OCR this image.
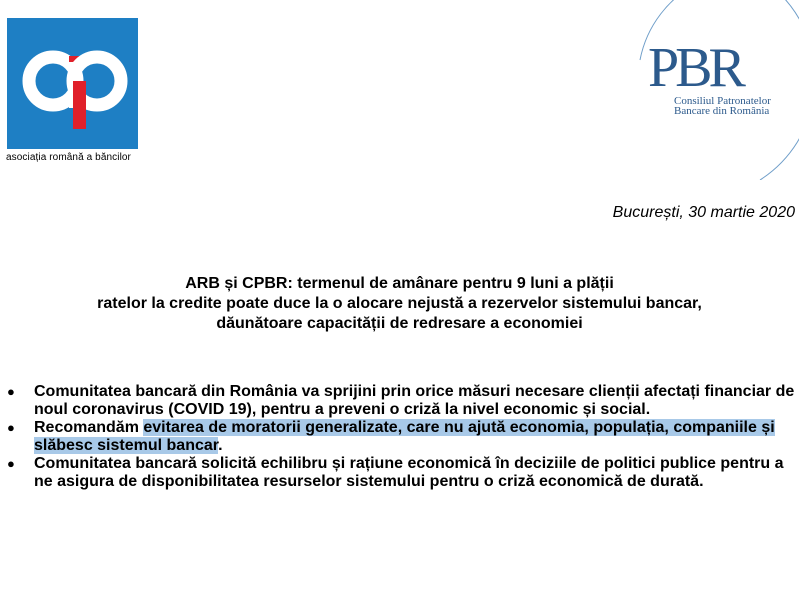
asociația română a băncilor
PBR
Consiliul Patronatelor
Bancare din România
București, 30 martie 2020
ARB și CPBR: termenul de amânare pentru 9 luni a plății
ratelor la credite poate duce la o alocare nejustă a rezervelor sistemului bancar,
dăunătoare capacității de redresare a economiei
● Comunitatea bancară din România va sprijini prin orice măsuri necesare clienții afectați financiar de noul coronavirus (COVID 19), pentru a preveni o criză la nivel economic și social.
● Recomandăm evitarea de moratorii generalizate, care nu ajută economia, populația, companiile și slăbesc sistemul bancar.
● Comunitatea bancară solicită echilibru și rațiune economică în deciziile de politici publice pentru a ne asigura de disponibilitatea resurselor sistemului pentru o criză economică de durată.
